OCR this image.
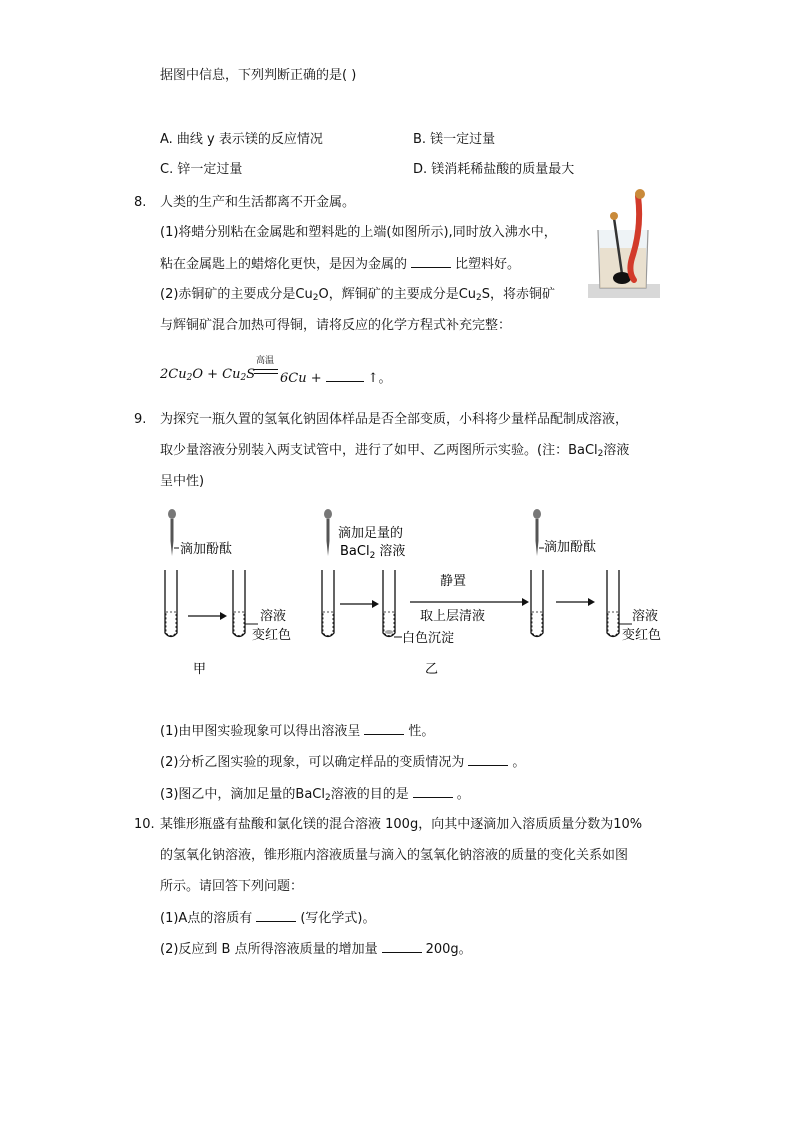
据图中信息，下列判断正确的是( )
A. 曲线 y 表示镁的反应情况	B. 镁一定过量
C. 锌一定过量	D. 镁消耗稀盐酸的质量最大
8. 人类的生产和生活都离不开金属。
(1)将蜡分别粘在金属匙和塑料匙的上端(如图所示),同时放入沸水中，
粘在金属匙上的蜡熔化更快，是因为金属的	比塑料好。
(2)赤铜矿的主要成分是$Cu_2O$，辉铜矿的主要成分是$Cu_2S$，将赤铜矿
与辉铜矿混合加热可得铜，请将反应的化学方程式补充完整：
高温
$2Cu_2O + Cu_2S$ 6Cu +	↑。
9. 为探究一瓶久置的氢氧化钠固体样品是否全部变质，小科将少量样品配制成溶液，
取少量溶液分别装入两支试管中，进行了如甲、乙两图所示实验。(注：BaCl$_2$溶液
呈中性)
滴加酚酞
溶液
变红色
滴加足量的
BaCl$_2$ 溶液
白色沉淀
静置
取上层清液
滴加酚酞
溶液
变红色
甲	乙
(1)由甲图实验现象可以得出溶液呈	性。
(2)分析乙图实验的现象，可以确定样品的变质情况为	。
(3)图乙中，滴加足量的BaCl$_2$溶液的目的是	。
10. 某锥形瓶盛有盐酸和氯化镁的混合溶液 100g，向其中逐滴加入溶质质量分数为10%
的氢氧化钠溶液，锥形瓶内溶液质量与滴入的氢氧化钠溶液的质量的变化关系如图
所示。请回答下列问题：
(1)A点的溶质有	(写化学式)。
(2)反应到 B 点所得溶液质量的增加量	200g。
